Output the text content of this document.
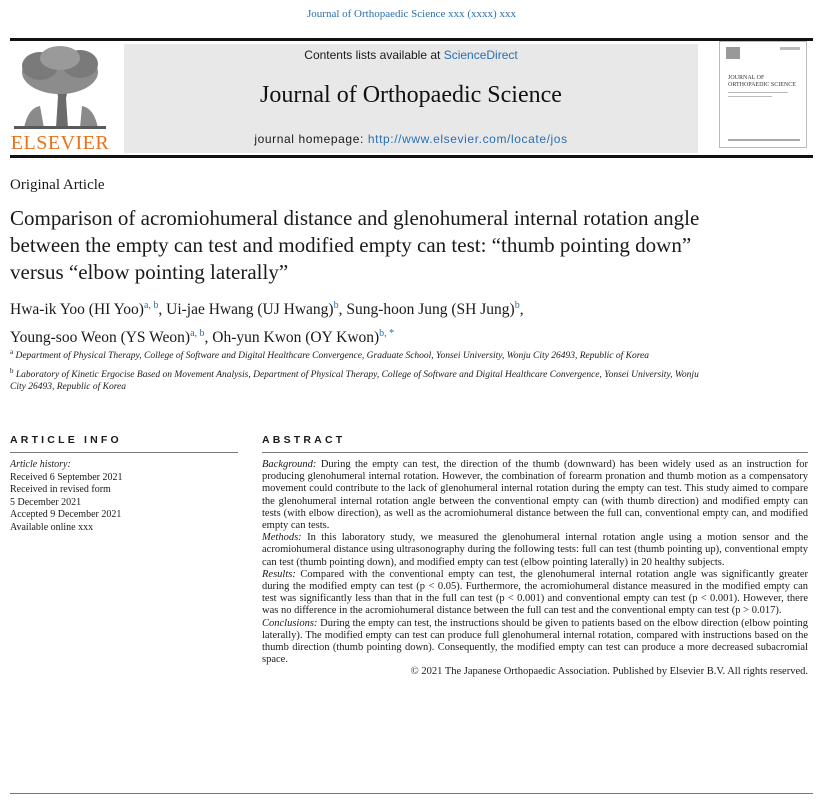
Journal of Orthopaedic Science xxx (xxxx) xxx
ELSEVIER
Contents lists available at ScienceDirect
Journal of Orthopaedic Science
journal homepage: http://www.elsevier.com/locate/jos
JOURNAL OF ORTHOPAEDIC SCIENCE
Original Article
Comparison of acromiohumeral distance and glenohumeral internal rotation angle between the empty can test and modified empty can test: “thumb pointing down” versus “elbow pointing laterally”
Hwa-ik Yoo (HI Yoo)$^{a, b}$, Ui-jae Hwang (UJ Hwang)$^b$, Sung-hoon Jung (SH Jung)$^b$,
Young-soo Weon (YS Weon)$^{a, b}$, Oh-yun Kwon (OY Kwon)$^{b, *}$
$^a$ Department of Physical Therapy, College of Software and Digital Healthcare Convergence, Graduate School, Yonsei University, Wonju City 26493, Republic of Korea
$^b$ Laboratory of Kinetic Ergocise Based on Movement Analysis, Department of Physical Therapy, College of Software and Digital Healthcare Convergence, Yonsei University, Wonju City 26493, Republic of Korea
ARTICLE INFO
Article history:
Received 6 September 2021
Received in revised form
5 December 2021
Accepted 9 December 2021
Available online xxx
ABSTRACT

Background: During the empty can test, the direction of the thumb (downward) has been widely used as an instruction for producing glenohumeral internal rotation. However, the combination of forearm pronation and thumb motion as a compensatory movement could contribute to the lack of glenohumeral internal rotation during the empty can test. This study aimed to compare the glenohumeral internal rotation angle between the conventional empty can (with thumb direction) and modified empty can tests (with elbow direction), as well as the acromiohumeral distance between the full can, conventional empty can, and modified empty can tests.

Methods: In this laboratory study, we measured the glenohumeral internal rotation angle using a motion sensor and the acromiohumeral distance using ultrasonography during the following tests: full can test (thumb pointing up), conventional empty can test (thumb pointing down), and modified empty can test (elbow pointing laterally) in 20 healthy subjects.

Results: Compared with the conventional empty can test, the glenohumeral internal rotation angle was significantly greater during the modified empty can test (p < 0.05). Furthermore, the acromiohumeral distance measured in the modified empty can test was significantly less than that in the full can test (p < 0.001) and conventional empty can test (p < 0.001). However, there was no difference in the acromiohumeral distance between the full can test and the conventional empty can test (p > 0.017).

Conclusions: During the empty can test, the instructions should be given to patients based on the elbow direction (elbow pointing laterally). The modified empty can test can produce full glenohumeral internal rotation, compared with instructions based on the thumb direction (thumb pointing down). Consequently, the modified empty can test can produce a more decreased subacromial space.

© 2021 The Japanese Orthopaedic Association. Published by Elsevier B.V. All rights reserved.
